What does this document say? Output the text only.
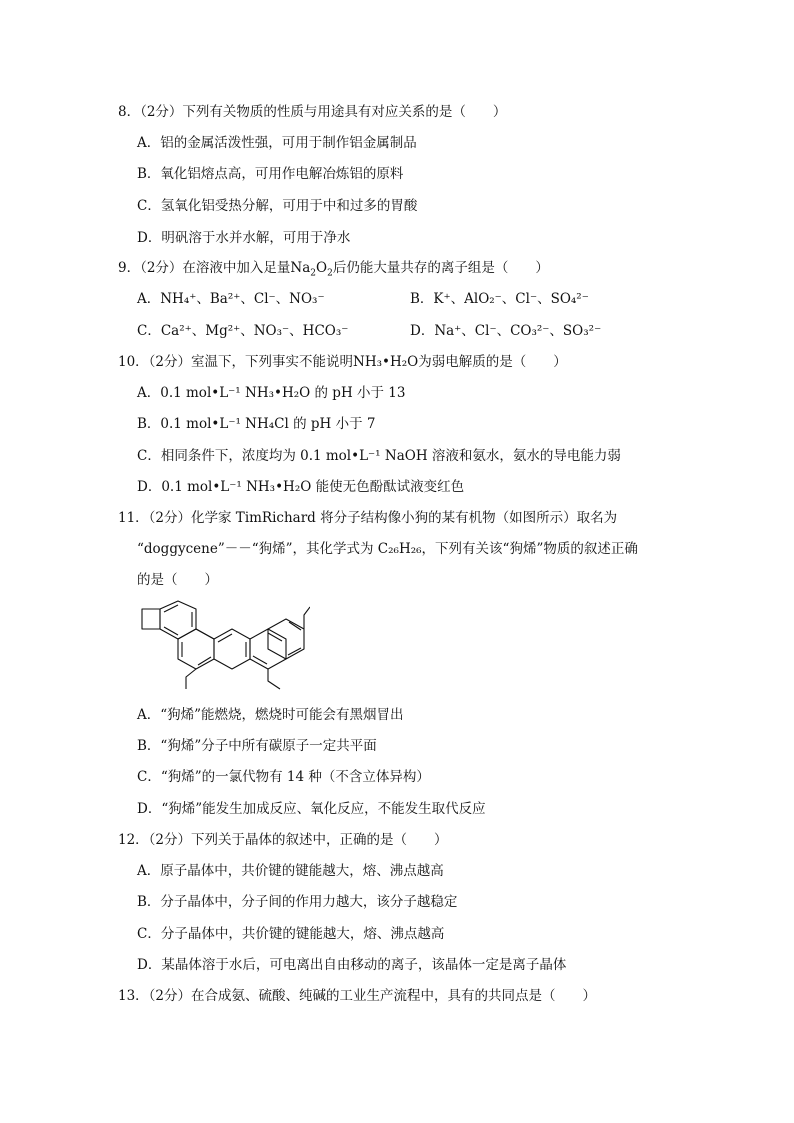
8．（2分）下列有关物质的性质与用途具有对应关系的是（　　）
A．铝的金属活泼性强，可用于制作铝金属制品
B．氧化铝熔点高，可用作电解冶炼铝的原料
C．氢氧化铝受热分解，可用于中和过多的胃酸
D．明矾溶于水并水解，可用于净水
9．（2分）在溶液中加入足量$Na_2O_2$后仍能大量共存的离子组是（　　）
A．NH₄⁺、Ba²⁺、Cl⁻、NO₃⁻	B．K⁺、AlO₂⁻、Cl⁻、SO₄²⁻
C．Ca²⁺、Mg²⁺、NO₃⁻、HCO₃⁻	D．Na⁺、Cl⁻、CO₃²⁻、SO₃²⁻
10．（2分）室温下，下列事实不能说明NH₃•H₂O为弱电解质的是（　　）
A．0.1 mol•L⁻¹ NH₃•H₂O 的 pH 小于 13
B．0.1 mol•L⁻¹ NH₄Cl 的 pH 小于 7
C．相同条件下，浓度均为 0.1 mol•L⁻¹ NaOH 溶液和氨水，氨水的导电能力弱
D．0.1 mol•L⁻¹ NH₃•H₂O 能使无色酚酞试液变红色
11．（2分）化学家 TimRichard 将分子结构像小狗的某有机物（如图所示）取名为
“doggycene”－－“狗烯”，其化学式为 C₂₆H₂₆，下列有关该“狗烯”物质的叙述正确
的是（　　）
A．“狗烯”能燃烧，燃烧时可能会有黑烟冒出
B．“狗烯”分子中所有碳原子一定共平面
C．“狗烯”的一氯代物有 14 种（不含立体异构）
D．“狗烯”能发生加成反应、氧化反应，不能发生取代反应
12．（2分）下列关于晶体的叙述中，正确的是（　　）
A．原子晶体中，共价键的键能越大，熔、沸点越高
B．分子晶体中，分子间的作用力越大，该分子越稳定
C．分子晶体中，共价键的键能越大，熔、沸点越高
D．某晶体溶于水后，可电离出自由移动的离子，该晶体一定是离子晶体
13．（2分）在合成氨、硫酸、纯碱的工业生产流程中，具有的共同点是（　　）
